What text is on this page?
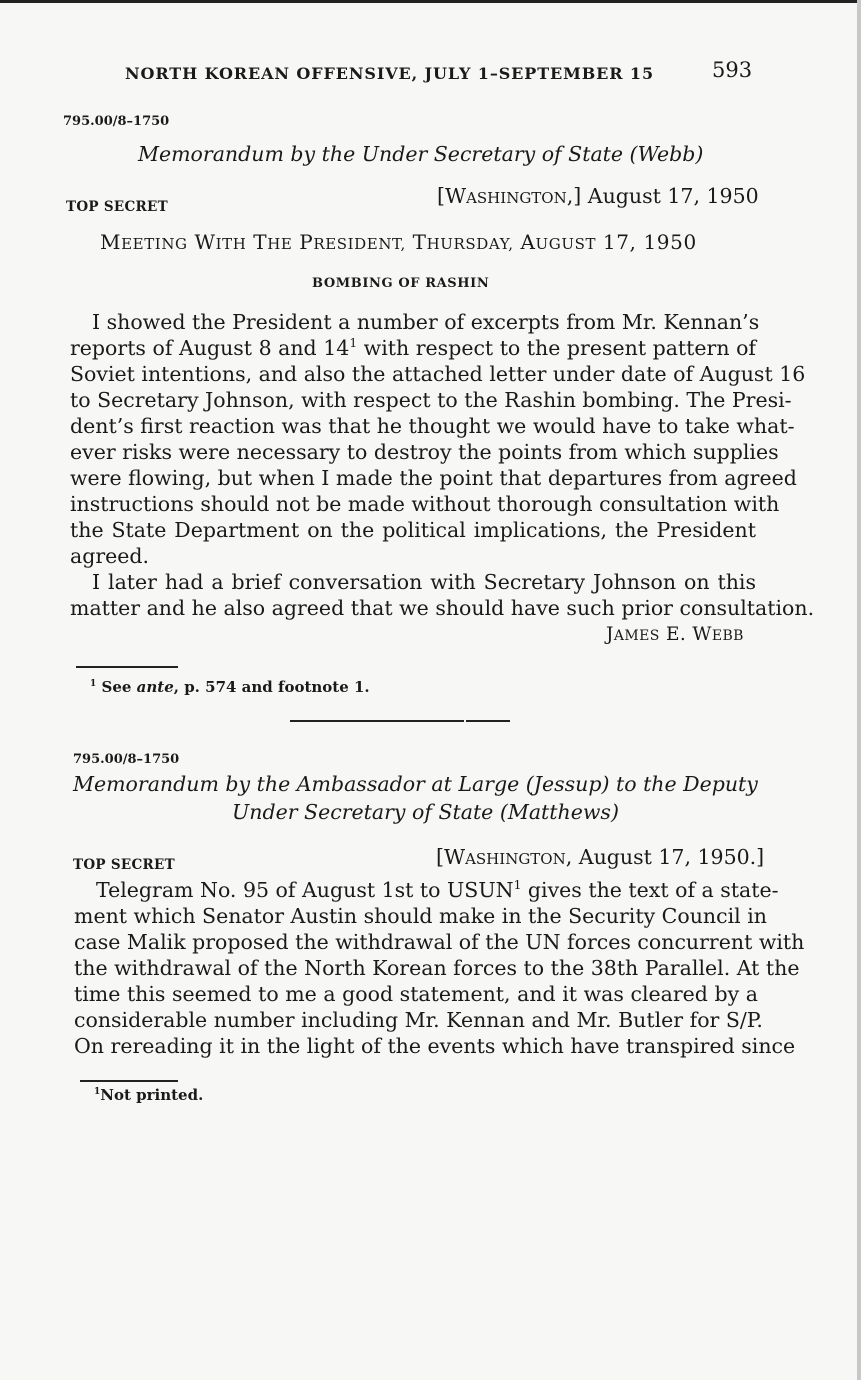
NORTH KOREAN OFFENSIVE, JULY 1–SEPTEMBER 15	593
795.00/8–1750
Memorandum by the Under Secretary of State (Webb)
TOP SECRET	[WASHINGTON,] August 17, 1950
MEETING WITH THE PRESIDENT, THURSDAY, AUGUST 17, 1950
BOMBING OF RASHIN
I showed the President a number of excerpts from Mr. Kennan’s
reports of August 8 and $14^1$ with respect to the present pattern of
Soviet intentions, and also the attached letter under date of August 16
to Secretary Johnson, with respect to the Rashin bombing. The Presi-
dent’s first reaction was that he thought we would have to take what-
ever risks were necessary to destroy the points from which supplies
were flowing, but when I made the point that departures from agreed
instructions should not be made without thorough consultation with
the State Department on the political implications, the President
agreed.
I later had a brief conversation with Secretary Johnson on this
matter and he also agreed that we should have such prior consultation.
JAMES E. WEBB
$^1$ See ante, p. 574 and footnote 1.
795.00/8–1750
Memorandum by the Ambassador at Large (Jessup) to the Deputy
Under Secretary of State (Matthews)
TOP SECRET	[WASHINGTON, August 17, 1950.]
Telegram No. 95 of August 1st to USUN$^1$ gives the text of a state-
ment which Senator Austin should make in the Security Council in
case Malik proposed the withdrawal of the UN forces concurrent with
the withdrawal of the North Korean forces to the 38th Parallel. At the
time this seemed to me a good statement, and it was cleared by a
considerable number including Mr. Kennan and Mr. Butler for S/P.
On rereading it in the light of the events which have transpired since
$^1$Not printed.
